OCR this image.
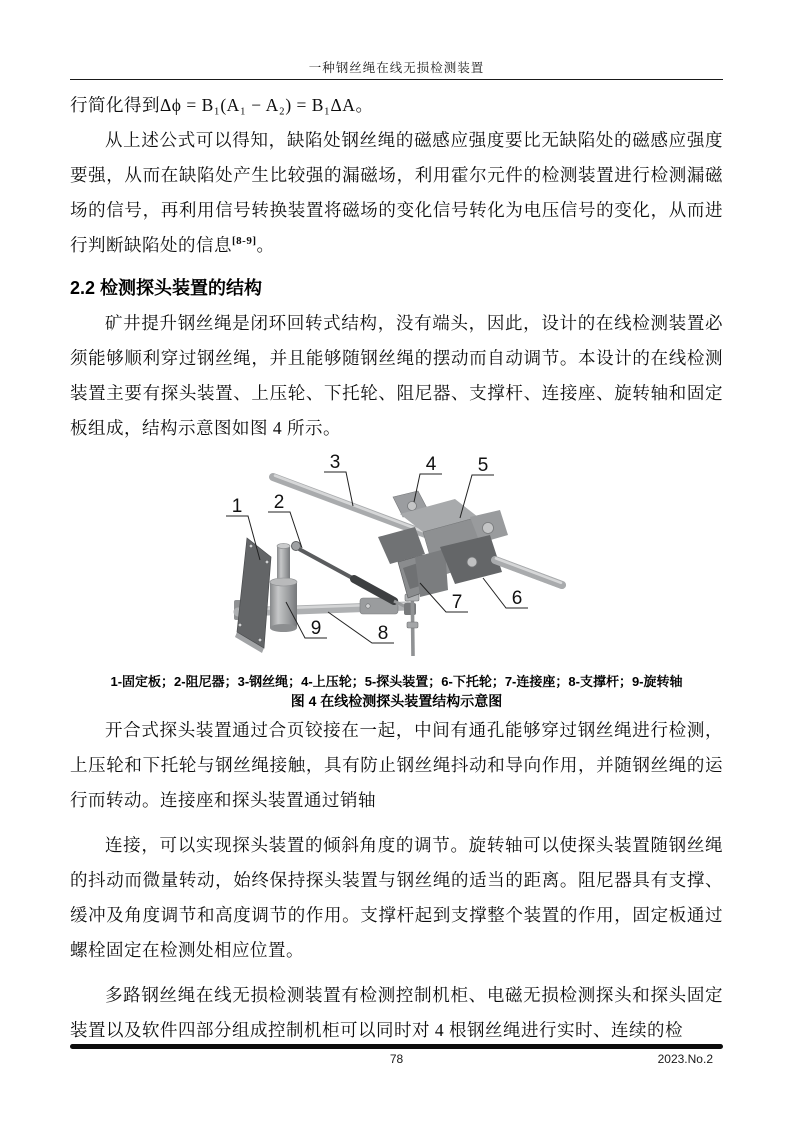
一种钢丝绳在线无损检测装置

行简化得到Δϕ = B₁(A₁ − A₂) = B₁ΔA。

从上述公式可以得知，缺陷处钢丝绳的磁感应强度要比无缺陷处的磁感应强度要强，从而在缺陷处产生比较强的漏磁场，利用霍尔元件的检测装置进行检测漏磁场的信号，再利用信号转换装置将磁场的变化信号转化为电压信号的变化，从而进行判断缺陷处的信息[8-9]。

2.2 检测探头装置的结构

矿井提升钢丝绳是闭环回转式结构，没有端头，因此，设计的在线检测装置必须能够顺利穿过钢丝绳，并且能够随钢丝绳的摆动而自动调节。本设计的在线检测装置主要有探头装置、上压轮、下托轮、阻尼器、支撑杆、连接座、旋转轴和固定板组成，结构示意图如图 4 所示。

1 2
3	4 5
6
7
8
9
1-固定板；2-阻尼器；3-钢丝绳；4-上压轮；5-探头装置；6-下托轮；7-连接座；8-支撑杆；9-旋转轴
图 4 在线检测探头装置结构示意图

开合式探头装置通过合页铰接在一起，中间有通孔能够穿过钢丝绳进行检测，上压轮和下托轮与钢丝绳接触，具有防止钢丝绳抖动和导向作用，并随钢丝绳的运行而转动。连接座和探头装置通过销轴

连接，可以实现探头装置的倾斜角度的调节。旋转轴可以使探头装置随钢丝绳的抖动而微量转动，始终保持探头装置与钢丝绳的适当的距离。阻尼器具有支撑、缓冲及角度调节和高度调节的作用。支撑杆起到支撑整个装置的作用，固定板通过螺栓固定在检测处相应位置。

多路钢丝绳在线无损检测装置有检测控制机柜、电磁无损检测探头和探头固定装置以及软件四部分组成控制机柜可以同时对 4 根钢丝绳进行实时、连续的检

78	2023.No.2
